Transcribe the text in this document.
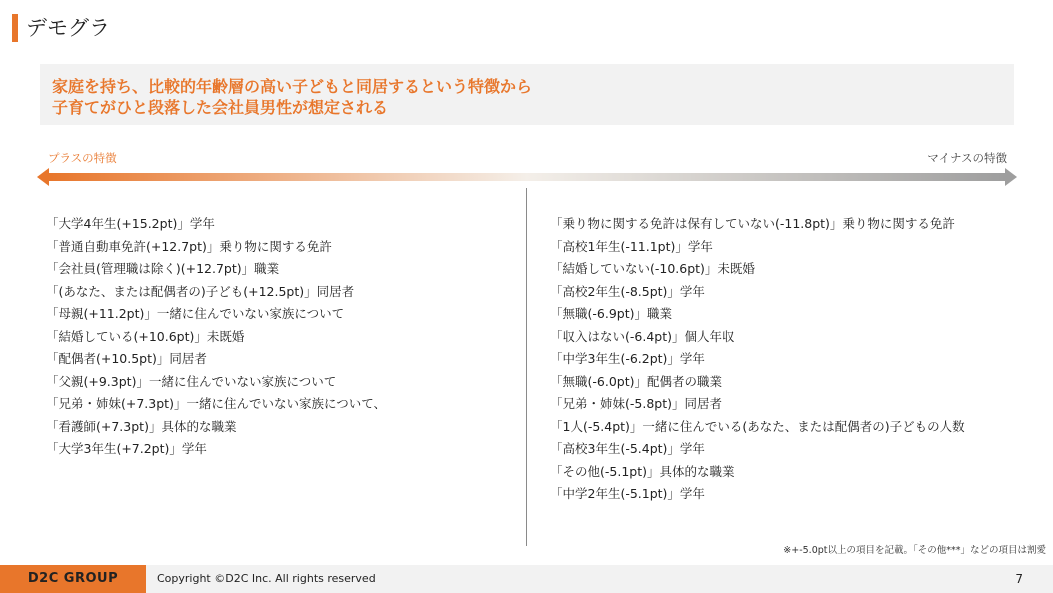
デモグラ
家庭を持ち、比較的年齢層の高い子どもと同居するという特徴から
子育てがひと段落した会社員男性が想定される
プラスの特徴	マイナスの特徴
「大学4年生(+15.2pt)」学年
「普通自動車免許(+12.7pt)」乗り物に関する免許
「会社員(管理職は除く)(+12.7pt)」職業
「(あなた、または配偶者の)子ども(+12.5pt)」同居者
「母親(+11.2pt)」一緒に住んでいない家族について
「結婚している(+10.6pt)」未既婚
「配偶者(+10.5pt)」同居者
「父親(+9.3pt)」一緒に住んでいない家族について
「兄弟・姉妹(+7.3pt)」一緒に住んでいない家族について、
「看護師(+7.3pt)」具体的な職業
「大学3年生(+7.2pt)」学年
「乗り物に関する免許は保有していない(-11.8pt)」乗り物に関する免許
「高校1年生(-11.1pt)」学年
「結婚していない(-10.6pt)」未既婚
「高校2年生(-8.5pt)」学年
「無職(-6.9pt)」職業
「収入はない(-6.4pt)」個人年収
「中学3年生(-6.2pt)」学年
「無職(-6.0pt)」配偶者の職業
「兄弟・姉妹(-5.8pt)」同居者
「1人(-5.4pt)」一緒に住んでいる(あなた、または配偶者の)子どもの人数
「高校3年生(-5.4pt)」学年
「その他(-5.1pt)」具体的な職業
「中学2年生(-5.1pt)」学年
※+-5.0pt以上の項目を記載。「その他***」などの項目は割愛
D2C GROUP	Copyright ©D2C Inc. All rights reserved	7
